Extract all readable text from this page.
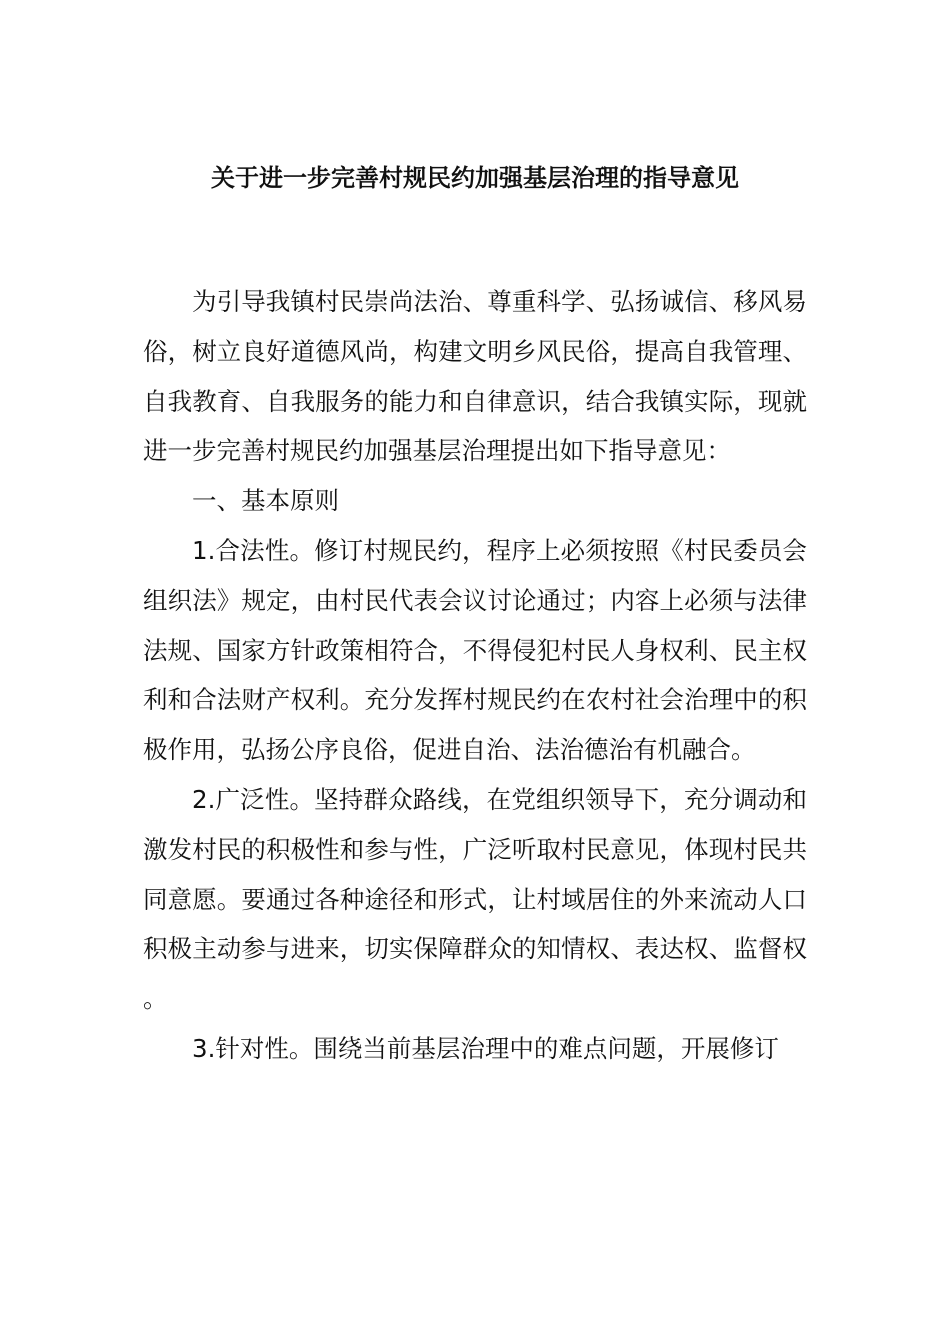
关于进一步完善村规民约加强基层治理的指导意见

为引导我镇村民崇尚法治、尊重科学、弘扬诚信、移风易俗，树立良好道德风尚，构建文明乡风民俗，提高自我管理、自我教育、自我服务的能力和自律意识，结合我镇实际，现就进一步完善村规民约加强基层治理提出如下指导意见：

一、基本原则

1.合法性。修订村规民约，程序上必须按照《村民委员会组织法》规定，由村民代表会议讨论通过；内容上必须与法律法规、国家方针政策相符合，不得侵犯村民人身权利、民主权利和合法财产权利。充分发挥村规民约在农村社会治理中的积极作用，弘扬公序良俗，促进自治、法治德治有机融合。

2.广泛性。坚持群众路线，在党组织领导下，充分调动和激发村民的积极性和参与性，广泛听取村民意见，体现村民共同意愿。要通过各种途径和形式，让村域居住的外来流动人口积极主动参与进来，切实保障群众的知情权、表达权、监督权。

3.针对性。围绕当前基层治理中的难点问题，开展修订
